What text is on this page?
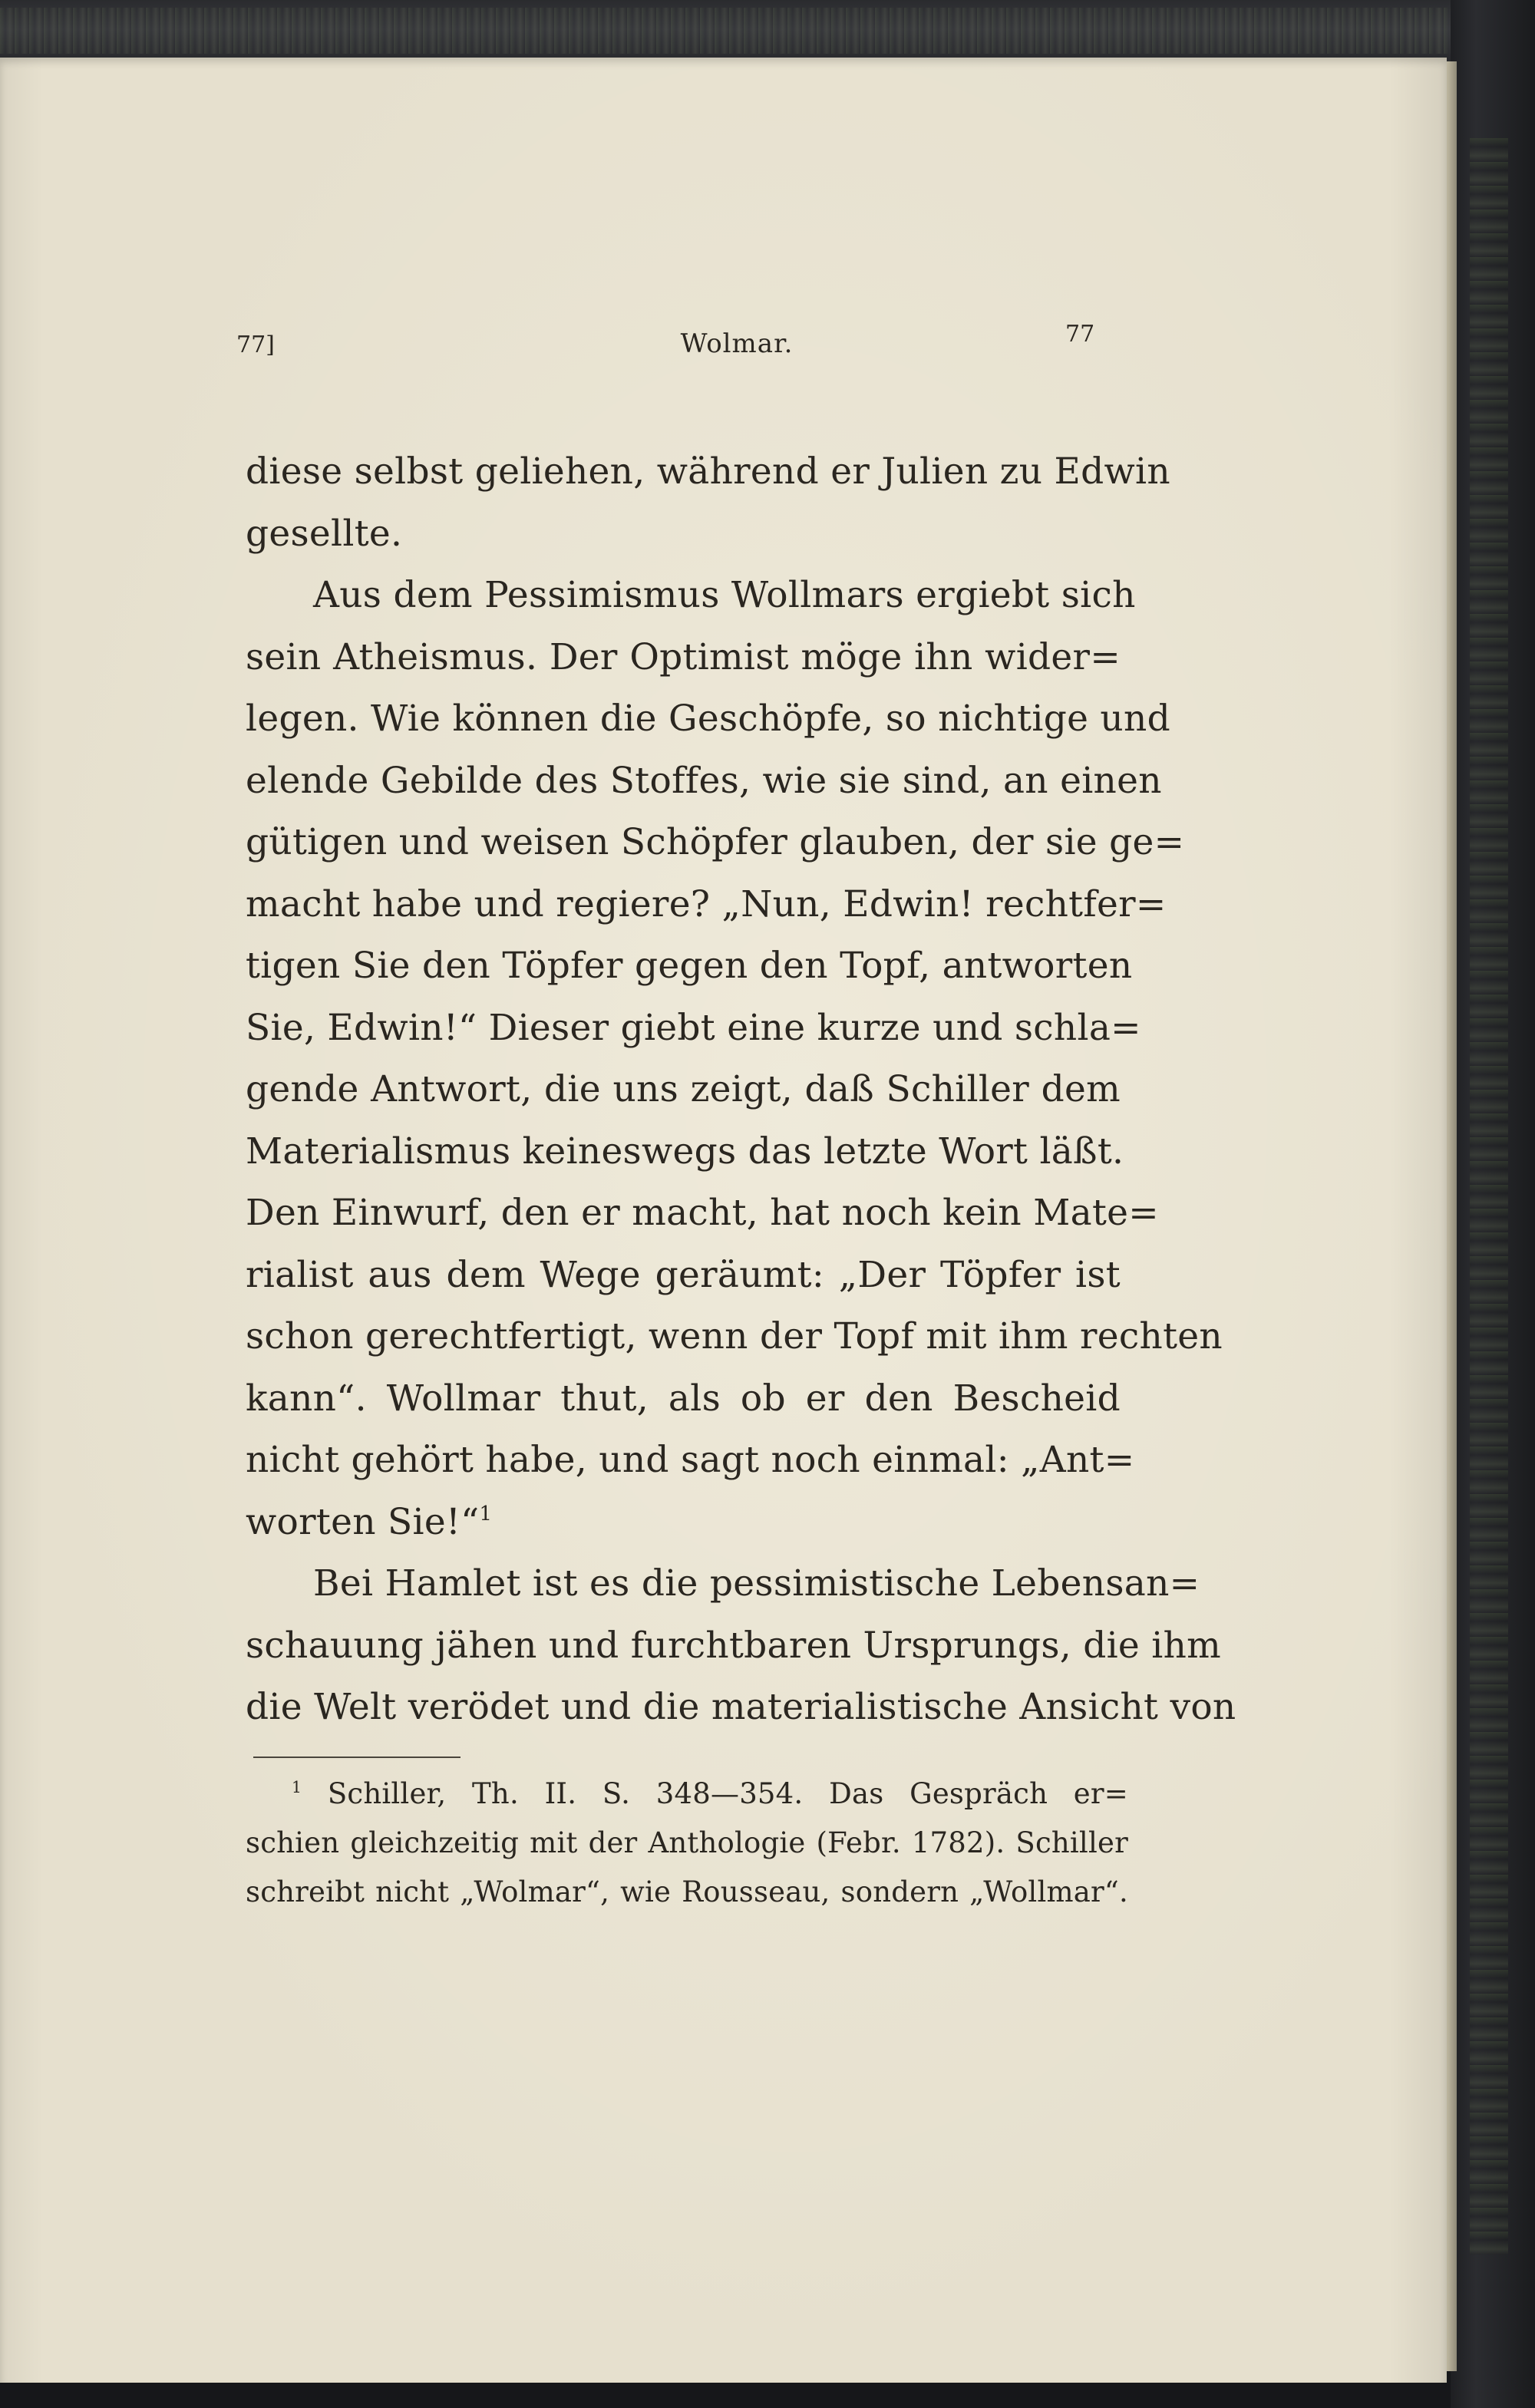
77]	Wolmar.	77
diese selbst geliehen, während er Julien zu Edwin
gesellte.
Aus dem Pessimismus Wollmars ergiebt sich
sein Atheismus. Der Optimist möge ihn wider=
legen. Wie können die Geschöpfe, so nichtige und
elende Gebilde des Stoffes, wie sie sind, an einen
gütigen und weisen Schöpfer glauben, der sie ge=
macht habe und regiere? „Nun, Edwin! rechtfer=
tigen Sie den Töpfer gegen den Topf, antworten
Sie, Edwin!“ Dieser giebt eine kurze und schla=
gende Antwort, die uns zeigt, daß Schiller dem
Materialismus keineswegs das letzte Wort läßt.
Den Einwurf, den er macht, hat noch kein Mate=
rialist aus dem Wege geräumt: „Der Töpfer ist
schon gerechtfertigt, wenn der Topf mit ihm rechten
kann“. Wollmar thut, als ob er den Bescheid
nicht gehört habe, und sagt noch einmal: „Ant=
worten Sie!“$^1$
Bei Hamlet ist es die pessimistische Lebensan=
schauung jähen und furchtbaren Ursprungs, die ihm
die Welt verödet und die materialistische Ansicht von
$^1$ Schiller, Th. II. S. 348—354. Das Gespräch er=
schien gleichzeitig mit der Anthologie (Febr. 1782). Schiller
schreibt nicht „Wolmar“, wie Rousseau, sondern „Wollmar“.
